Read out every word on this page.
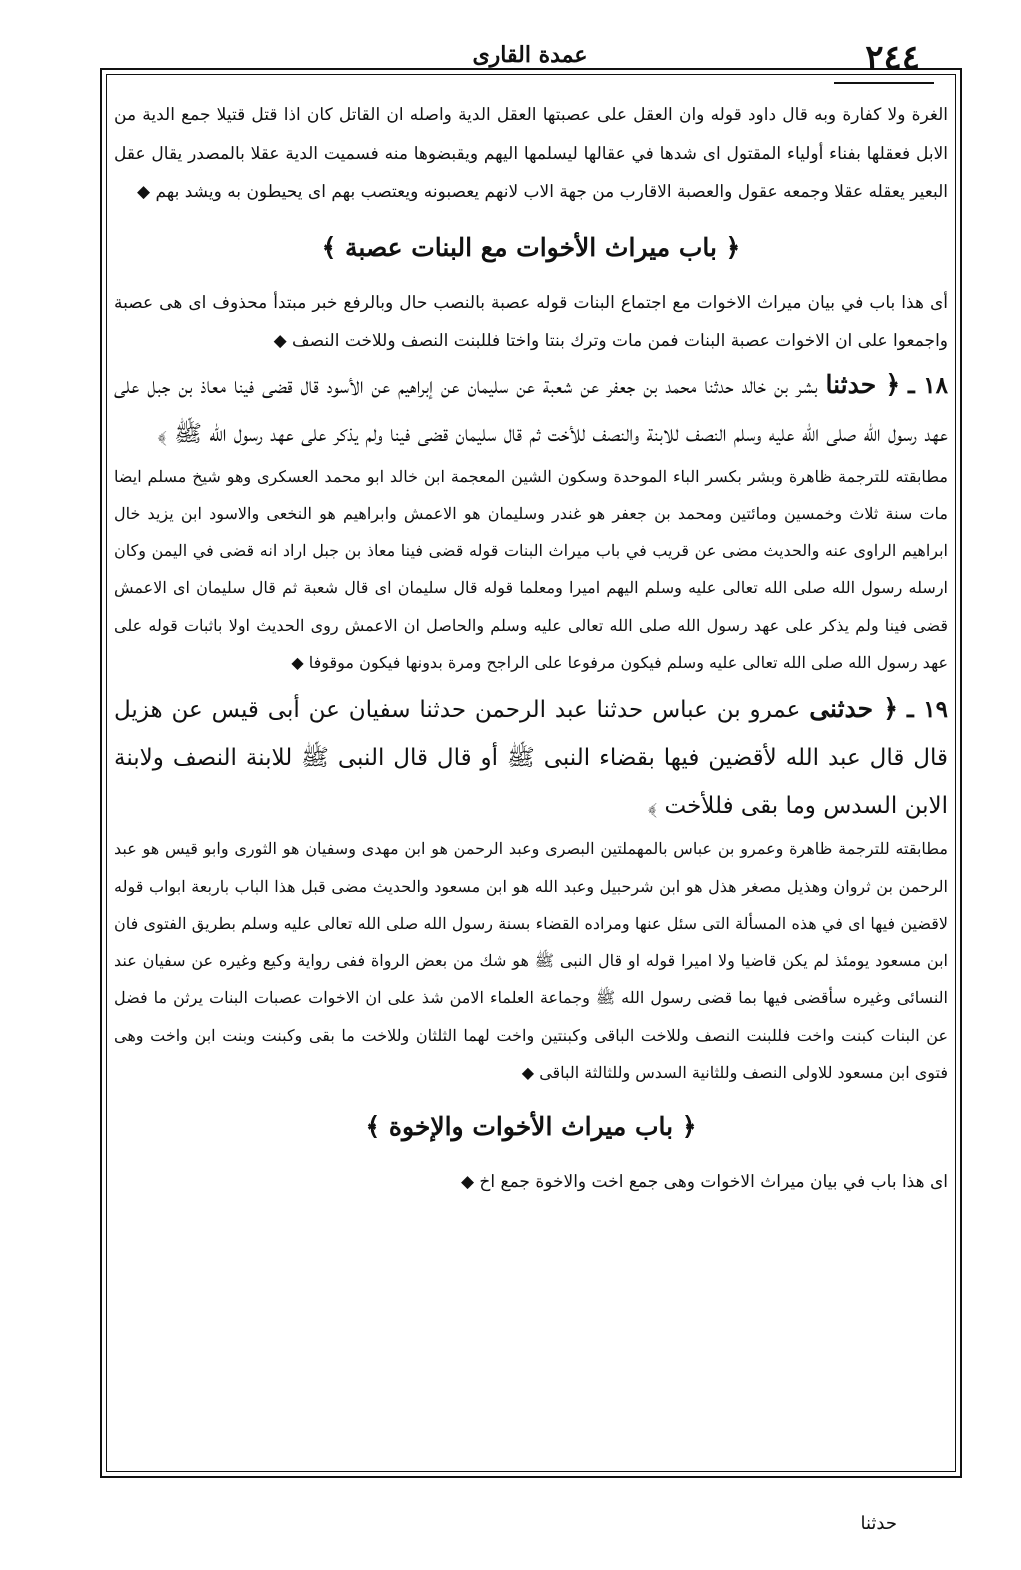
٢٤٤
عمدة القاری

الغرة ولا كفارة وبه قال داود قوله وان العقل على عصبتها العقل الدية واصله ان القاتل كان اذا قتل قتيلا جمع الدية من الابل فعقلها بفناء أولياء المقتول اى شدها في عقالها ليسلمها اليهم ويقبضوها منه فسميت الدية عقلا بالمصدر يقال عقل البعير يعقله عقلا وجمعه عقول والعصبة الاقارب من جهة الاب لانهم يعصبونه ويعتصب بهم اى يحيطون به ويشد بهم ◆

﴿ باب ميراث الأخوات مع البنات عصبة ﴾

أى هذا باب في بيان ميراث الاخوات مع اجتماع البنات قوله عصبة بالنصب حال وبالرفع خبر مبتدأ محذوف اى هى عصبة واجمعوا على ان الاخوات عصبة البنات فمن مات وترك بنتا واختا فللبنت النصف وللاخت النصف ◆

١٨ ـ ﴿ حدثنا بشر بن خالد حدثنا محمد بن جعفر عن شعبة عن سليمان عن إبراهيم عن الأسود قال قضى فينا معاذ بن جبل على عهد رسول الله صلى الله عليه وسلم النصف للابنة والنصف للأخت ثم قال سليمان قضى فينا ولم يذكر على عهد رسول الله ﷺ ﴾

مطابقته للترجمة ظاهرة وبشر بكسر الباء الموحدة وسكون الشين المعجمة ابن خالد ابو محمد العسكرى وهو شيخ مسلم ايضا مات سنة ثلاث وخمسين ومائتين ومحمد بن جعفر هو غندر وسليمان هو الاعمش وابراهيم هو النخعى والاسود ابن يزيد خال ابراهيم الراوى عنه والحديث مضى عن قريب في باب ميراث البنات قوله قضى فينا معاذ بن جبل اراد انه قضى في اليمن وكان ارسله رسول الله صلى الله تعالى عليه وسلم اليهم اميرا ومعلما قوله قال سليمان اى قال شعبة ثم قال سليمان اى الاعمش قضى فينا ولم يذكر على عهد رسول الله صلى الله تعالى عليه وسلم والحاصل ان الاعمش روى الحديث اولا باثبات قوله على عهد رسول الله صلى الله تعالى عليه وسلم فيكون مرفوعا على الراجح ومرة بدونها فيكون موقوفا ◆

١٩ ـ ﴿ حدثنى عمرو بن عباس حدثنا عبد الرحمن حدثنا سفيان عن أبى قيس عن هزيل قال قال عبد الله لأقضين فيها بقضاء النبى ﷺ أو قال قال النبى ﷺ للابنة النصف ولابنة الابن السدس وما بقى فللأخت ﴾

مطابقته للترجمة ظاهرة وعمرو بن عباس بالمهملتين البصرى وعبد الرحمن هو ابن مهدى وسفيان هو الثورى وابو قيس هو عبد الرحمن بن ثروان وهذيل مصغر هذل هو ابن شرحبيل وعبد الله هو ابن مسعود والحديث مضى قبل هذا الباب باربعة ابواب قوله لاقضين فيها اى في هذه المسألة التى سئل عنها ومراده القضاء بسنة رسول الله صلى الله تعالى عليه وسلم بطريق الفتوى فان ابن مسعود يومئذ لم يكن قاضيا ولا اميرا قوله او قال النبى ﷺ هو شك من بعض الرواة ففى رواية وكيع وغيره عن سفيان عند النسائى وغيره سأقضى فيها بما قضى رسول الله ﷺ وجماعة العلماء الامن شذ على ان الاخوات عصبات البنات يرثن ما فضل عن البنات كبنت واخت فللبنت النصف وللاخت الباقى وكبنتين واخت لهما الثلثان وللاخت ما بقى وكبنت وبنت ابن واخت وهى فتوى ابن مسعود للاولى النصف وللثانية السدس وللثالثة الباقى ◆

﴿ باب ميراث الأخوات والإخوة ﴾

اى هذا باب في بيان ميراث الاخوات وهى جمع اخت والاخوة جمع اخ ◆

حدثنا
